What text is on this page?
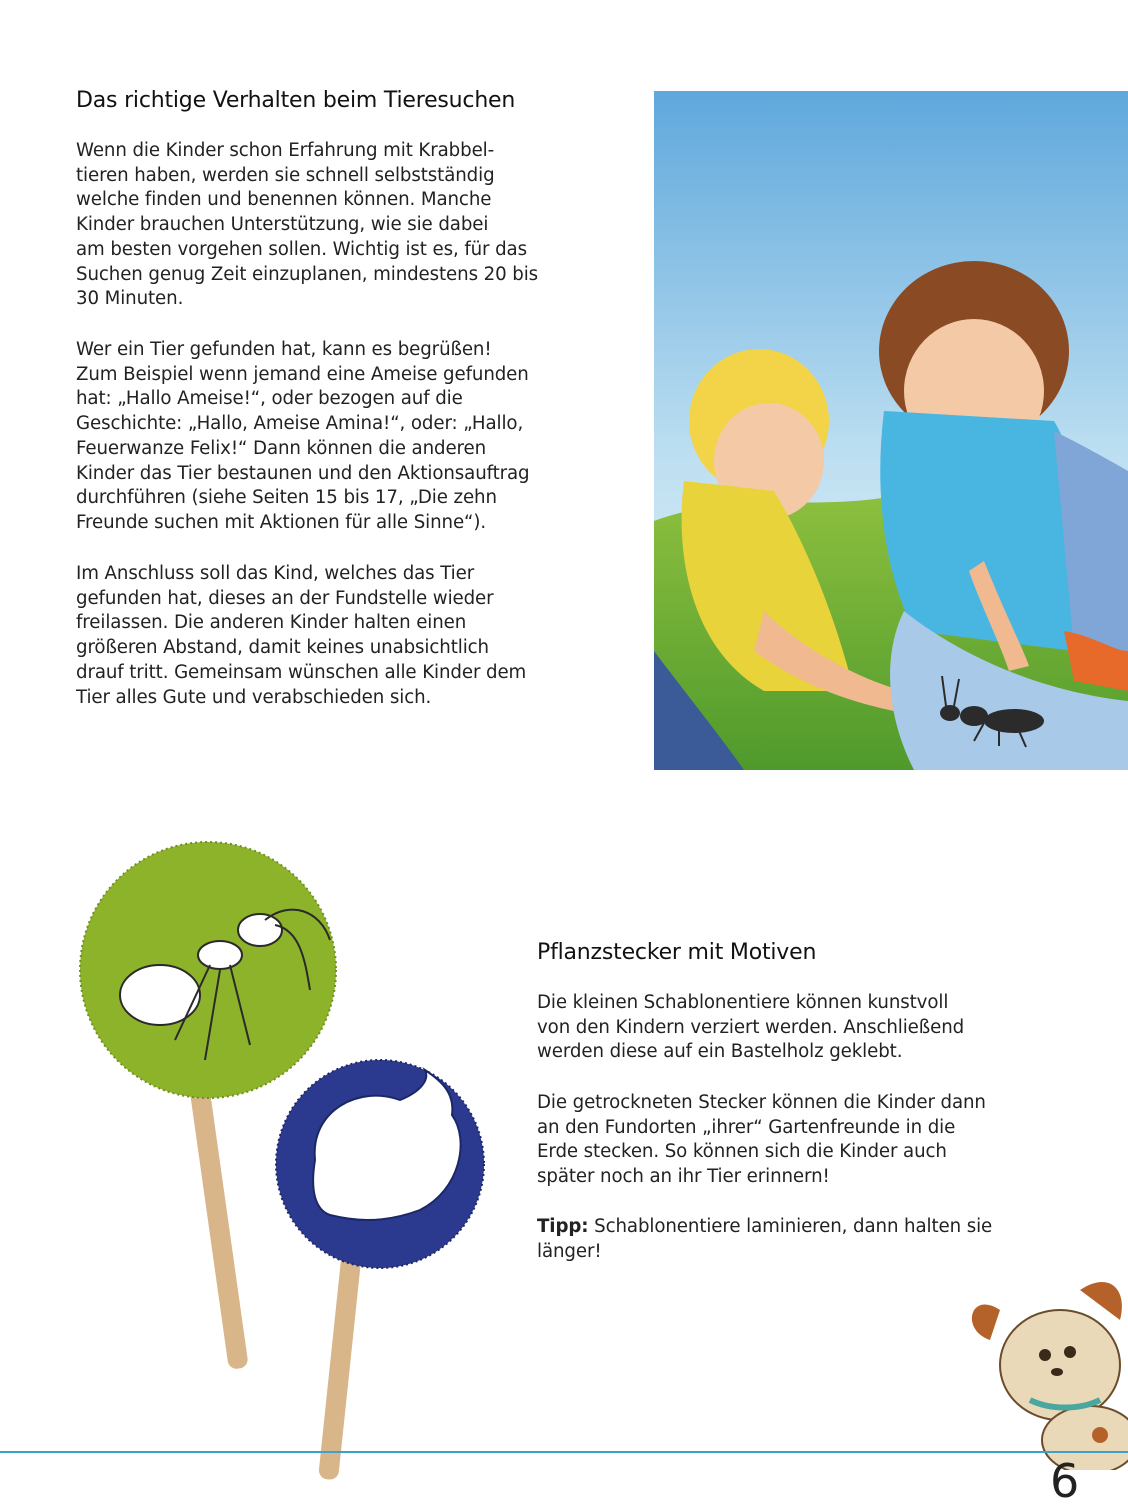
Das richtige Verhalten beim Tieresuchen

Wenn die Kinder schon Erfahrung mit Krabbel-
tieren haben, werden sie schnell selbstständig
welche finden und benennen können. Manche
Kinder brauchen Unterstützung, wie sie dabei
am besten vorgehen sollen. Wichtig ist es, für das
Suchen genug Zeit einzuplanen, mindestens 20 bis
30 Minuten.

Wer ein Tier gefunden hat, kann es begrüßen!
Zum Beispiel wenn jemand eine Ameise gefunden
hat: „Hallo Ameise!“, oder bezogen auf die
Geschichte: „Hallo, Ameise Amina!“, oder: „Hallo,
Feuerwanze Felix!“ Dann können die anderen
Kinder das Tier bestaunen und den Aktionsauftrag
durchführen (siehe Seiten 15 bis 17, „Die zehn
Freunde suchen mit Aktionen für alle Sinne“).

Im Anschluss soll das Kind, welches das Tier
gefunden hat, dieses an der Fundstelle wieder
freilassen. Die anderen Kinder halten einen
größeren Abstand, damit keines unabsichtlich
drauf tritt. Gemeinsam wünschen alle Kinder dem
Tier alles Gute und verabschieden sich.

Pflanzstecker mit Motiven

Die kleinen Schablonentiere können kunstvoll
von den Kindern verziert werden. Anschließend
werden diese auf ein Bastelholz geklebt.

Die getrockneten Stecker können die Kinder dann
an den Fundorten „ihrer“ Gartenfreunde in die
Erde stecken. So können sich die Kinder auch
später noch an ihr Tier erinnern!

Tipp: Schablonentiere laminieren, dann halten sie
länger!

6
